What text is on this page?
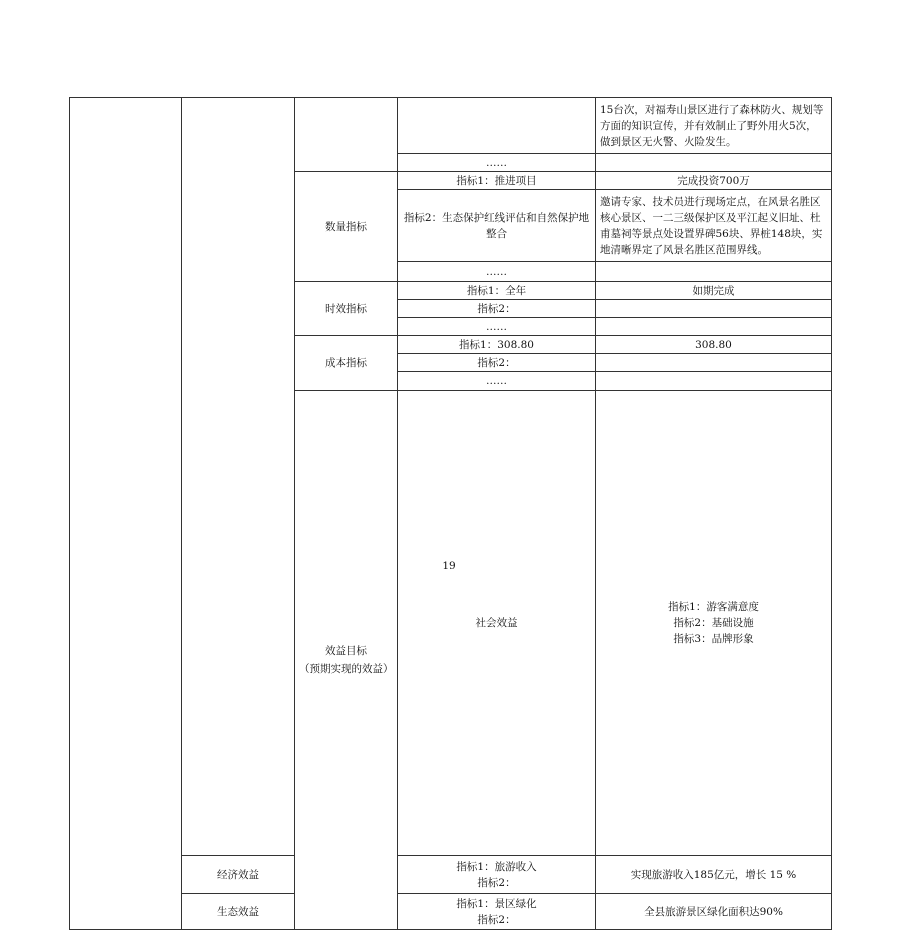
				15台次，对福寿山景区进行了森林防火、规划等
方面的知识宣传，并有效制止了野外用火5次，
做到景区无火警、火险发生。	

			……		
		数量指标	指标1：推进项目	完成投资700万	

			指标2：生态保护红线评估和自然保护地
整合	邀请专家、技术员进行现场定点，在风景名胜区
核心景区、一二三级保护区及平江起义旧址、杜
甫墓祠等景点处设置界碑56块、界桩148块，实
地清晰界定了风景名胜区范围界线。	

			……		
		时效指标	指标1：全年	如期完成	
			指标2：		
			……		
		成本指标	指标1：308.80	308.80	
			指标2：		
			……		

		效益目标
（预期实现的效益）	社会效益	指标1：游客满意度
指标2：基础设施
指标3：品牌形象

	经济效益		指标1：旅游收入
指标2：	实现旅游收入185亿元，增长 15 %	
	生态效益		指标1：景区绿化
指标2：	全县旅游景区绿化面积达90%	
19
